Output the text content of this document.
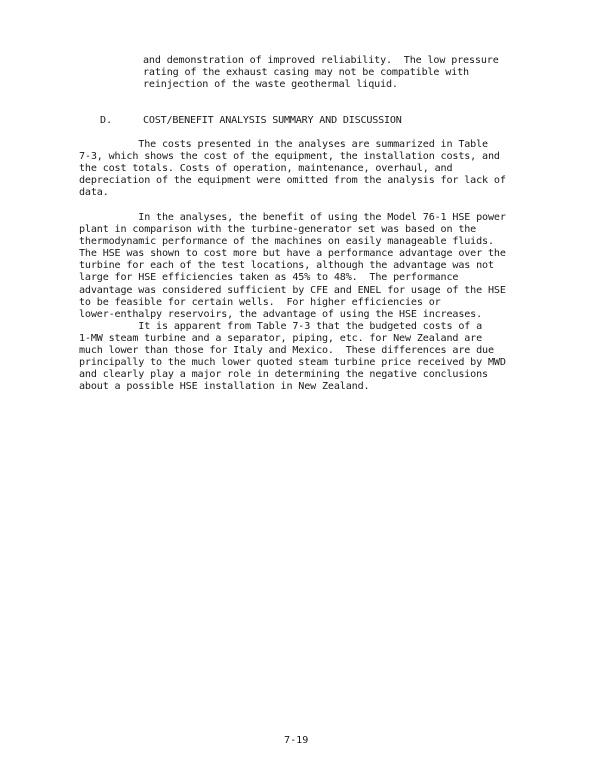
and demonstration of improved reliability.  The low pressure
rating of the exhaust casing may not be compatible with
reinjection of the waste geothermal liquid.

D.

	COST/BENEFIT ANALYSIS SUMMARY AND DISCUSSION

The costs presented in the analyses are summarized in Table
7-3, which shows the cost of the equipment, the installation costs, and
the cost totals. Costs of operation, maintenance, overhaul, and
depreciation of the equipment were omitted from the analysis for lack of
data.
In the analyses, the benefit of using the Model 76-1 HSE power
plant in comparison with the turbine-generator set was based on the
thermodynamic performance of the machines on easily manageable fluids.
The HSE was shown to cost more but have a performance advantage over the
turbine for each of the test locations, although the advantage was not
large for HSE efficiencies taken as 45% to 48%.  The performance
advantage was considered sufficient by CFE and ENEL for usage of the HSE
to be feasible for certain wells.  For higher efficiencies or
lower-enthalpy reservoirs, the advantage of using the HSE increases.
It is apparent from Table 7-3 that the budgeted costs of a
1-MW steam turbine and a separator, piping, etc. for New Zealand are
much lower than those for Italy and Mexico.  These differences are due
principally to the much lower quoted steam turbine price received by MWD
and clearly play a major role in determining the negative conclusions
about a possible HSE installation in New Zealand.
7-19
